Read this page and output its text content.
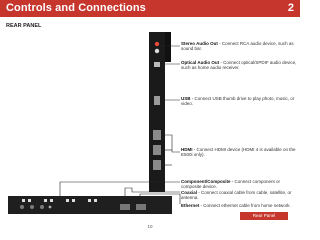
Controls and Connections	2
REAR PANEL
Stereo Audio Out - Connect RCA audio device, such as sound bar.
Optical Audio Out - Connect optical/SPDIF audio device, such as home audio receiver.
USB - Connect USB thumb drive to play photo, music, or video.
HDMI - Connect HDMI device (HDMI 4 is available on the E500i only).
Component/Composite - Connect component or composite device.
Coaxial - Connect coaxial cable from cable, satellite, or antenna.
Ethernet - Connect ethernet cable from home network.
Rear Panel
10
